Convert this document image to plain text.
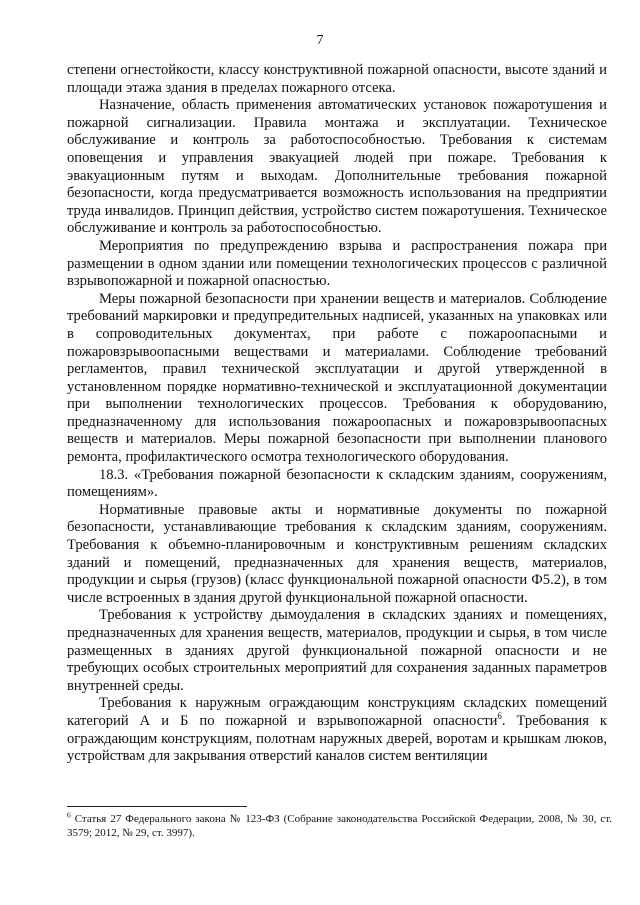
7

степени огнестойкости, классу конструктивной пожарной опасности, высоте зданий и площади этажа здания в пределах пожарного отсека.

Назначение, область применения автоматических установок пожаротушения и пожарной сигнализации. Правила монтажа и эксплуатации. Техническое обслуживание и контроль за работоспособностью. Требования к системам оповещения и управления эвакуацией людей при пожаре. Требования к эвакуационным путям и выходам. Дополнительные требования пожарной безопасности, когда предусматривается возможность использования на предприятии труда инвалидов. Принцип действия, устройство систем пожаротушения. Техническое обслуживание и контроль за работоспособностью.

Мероприятия по предупреждению взрыва и распространения пожара при размещении в одном здании или помещении технологических процессов с различной взрывопожарной и пожарной опасностью.

Меры пожарной безопасности при хранении веществ и материалов. Соблюдение требований маркировки и предупредительных надписей, указанных на упаковках или в сопроводительных документах, при работе с пожароопасными и пожаровзрывоопасными веществами и материалами. Соблюдение требований регламентов, правил технической эксплуатации и другой утвержденной в установленном порядке нормативно-технической и эксплуатационной документации при выполнении технологических процессов. Требования к оборудованию, предназначенному для использования пожароопасных и пожаровзрывоопасных веществ и материалов. Меры пожарной безопасности при выполнении планового ремонта, профилактического осмотра технологического оборудования.

18.3. «Требования пожарной безопасности к складским зданиям, сооружениям, помещениям».

Нормативные правовые акты и нормативные документы по пожарной безопасности, устанавливающие требования к складским зданиям, сооружениям. Требования к объемно-планировочным и конструктивным решениям складских зданий и помещений, предназначенных для хранения веществ, материалов, продукции и сырья (грузов) (класс функциональной пожарной опасности Ф5.2), в том числе встроенных в здания другой функциональной пожарной опасности.

Требования к устройству дымоудаления в складских зданиях и помещениях, предназначенных для хранения веществ, материалов, продукции и сырья, в том числе размещенных в зданиях другой функциональной пожарной опасности и не требующих особых строительных мероприятий для сохранения заданных параметров внутренней среды.

Требования к наружным ограждающим конструкциям складских помещений категорий А и Б по пожарной и взрывопожарной опасности$^6$. Требования к ограждающим конструкциям, полотнам наружных дверей, воротам и крышкам люков, устройствам для закрывания отверстий каналов систем вентиляции

$^6$ Статья 27 Федерального закона № 123-ФЗ (Собрание законодательства Российской Федерации, 2008, № 30, ст. 3579; 2012, № 29, ст. 3997).
